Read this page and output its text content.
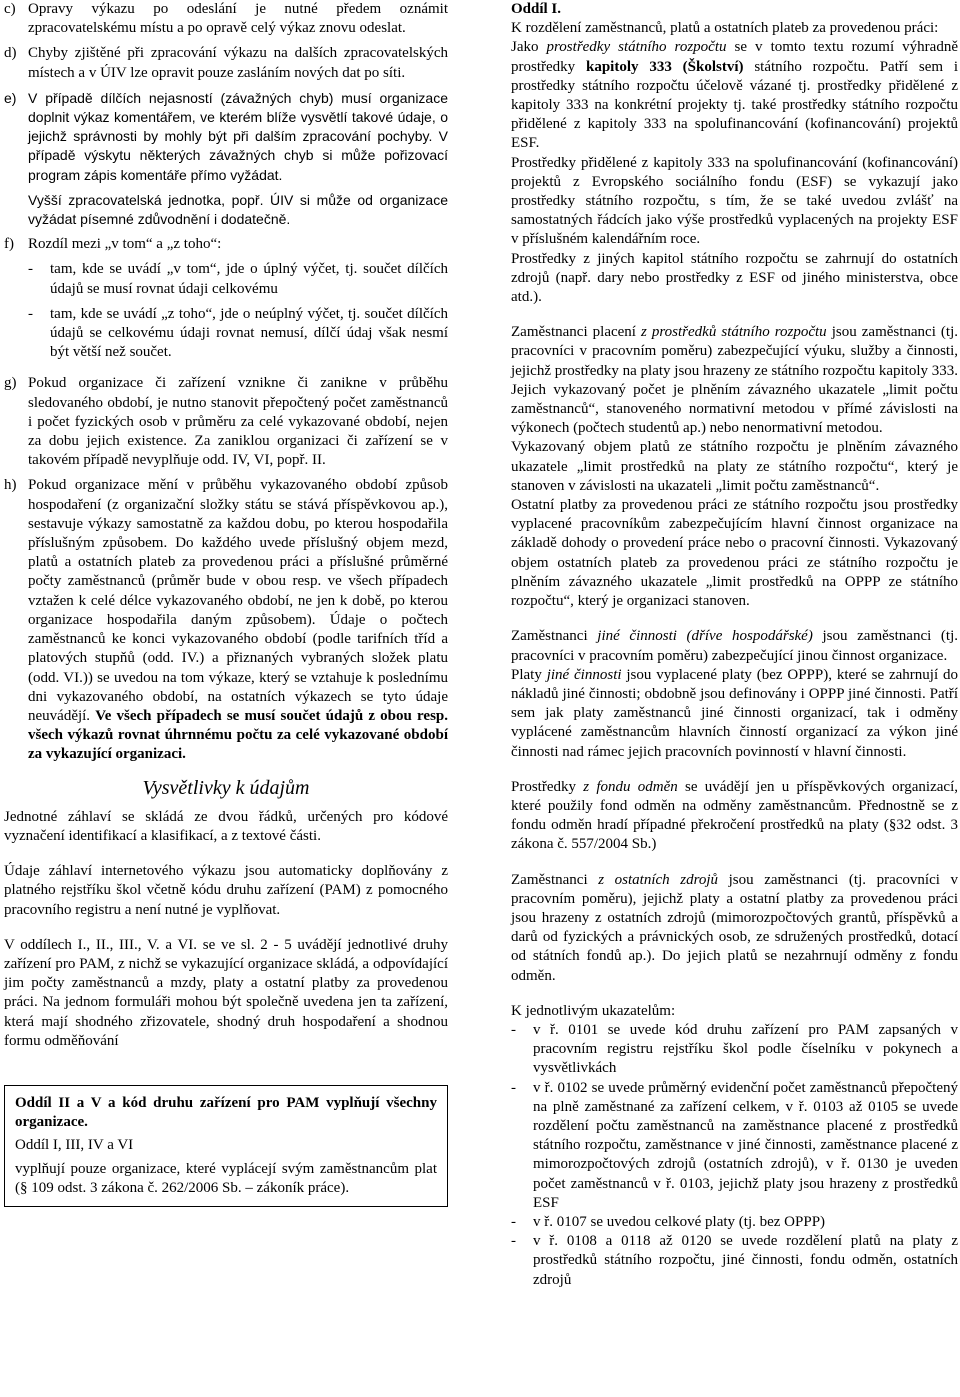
c) Opravy výkazu po odeslání je nutné předem oznámit zpracovatelskému místu a po opravě celý výkaz znovu odeslat.
d) Chyby zjištěné při zpracování výkazu na dalších zpracovatelských místech a v ÚIV lze opravit pouze zasláním nových dat po síti.
e) V případě dílčích nejasností (závažných chyb) musí organizace doplnit výkaz komentářem, ve kterém blíže vysvětlí takové údaje, o jejichž správnosti by mohly být při dalším zpracování pochyby. V případě výskytu některých závažných chyb si může pořizovací program zápis komentáře přímo vyžádat.
Vyšší zpracovatelská jednotka, popř. ÚIV si může od organizace vyžádat písemné zdůvodnění i dodatečně.
f) Rozdíl mezi „v tom“ a „z toho“:
-	tam, kde se uvádí „v tom“, jde o úplný výčet, tj. součet dílčích údajů se musí rovnat údaji celkovému
-	tam, kde se uvádí „z toho“, jde o neúplný výčet, tj. součet dílčích údajů se celkovému údaji rovnat nemusí, dílčí údaj však nesmí být větší než součet.
g) Pokud organizace či zařízení vznikne či zanikne v průběhu sledovaného období, je nutno stanovit přepočtený počet zaměstnanců i počet fyzických osob v průměru za celé vykazované období, nejen za dobu jejich existence. Za zaniklou organizaci či zařízení se v takovém případě nevyplňuje odd. IV, VI, popř. II.
h) Pokud organizace mění v průběhu vykazovaného období způsob hospodaření (z organizační složky státu se stává příspěvkovou ap.), sestavuje výkazy samostatně za každou dobu, po kterou hospodařila příslušným způsobem. Do každého uvede příslušný objem mezd, platů a ostatních plateb za provedenou práci a příslušné průměrné počty zaměstnanců (průměr bude v obou resp. ve všech případech vztažen k celé délce vykazovaného období, ne jen k době, po kterou organizace hospodařila daným způsobem). Údaje o počtech zaměstnanců ke konci vykazovaného období (podle tarifních tříd a platových stupňů (odd. IV.) a přiznaných vybraných složek platu (odd. VI.)) se uvedou na tom výkaze, který se vztahuje k poslednímu dni vykazovaného období, na ostatních výkazech se tyto údaje neuvádějí. Ve všech případech se musí součet údajů z obou resp. všech výkazů rovnat úhrnnému počtu za celé vykazované období za vykazující organizaci.
Vysvětlivky k údajům

Jednotné záhlaví se skládá ze dvou řádků, určených pro kódové vyznačení identifikací a klasifikací, a z textové části.

Údaje záhlaví internetového výkazu jsou automaticky doplňovány z platného rejstříku škol včetně kódu druhu zařízení (PAM) z pomocného pracovního registru a není nutné je vyplňovat.

V oddílech I., II., III., V. a VI. se ve sl. 2 - 5 uvádějí jednotlivé druhy zařízení pro PAM, z nichž se vykazující organizace skládá, a odpovídající jim počty zaměstnanců a mzdy, platy a ostatní platby za provedenou práci. Na jednom formuláři mohou být společně uvedena jen ta zařízení, která mají shodného zřizovatele, shodný druh hospodaření a shodnou formu odměňování

Oddíl II a V a kód druhu zařízení pro PAM vyplňují všechny organizace.

Oddíl I, III, IV a VI

vyplňují pouze organizace, které vyplácejí svým zaměstnancům plat (§ 109 odst. 3 zákona č. 262/2006 Sb. – zákoník práce).

Oddíl I.

K rozdělení zaměstnanců, platů a ostatních plateb za provedenou práci:

Jako prostředky státního rozpočtu se v tomto textu rozumí výhradně prostředky kapitoly 333 (Školství) státního rozpočtu. Patří sem i prostředky státního rozpočtu účelově vázané tj. prostředky přidělené z kapitoly 333 na konkrétní projekty tj. také prostředky státního rozpočtu přidělené z kapitoly 333 na spolufinancování (kofinancování) projektů ESF.

Prostředky přidělené z kapitoly 333 na spolufinancování (kofinancování) projektů z Evropského sociálního fondu (ESF) se vykazují jako prostředky státního rozpočtu, s tím, že se také uvedou zvlášť na samostatných řádcích jako výše prostředků vyplacených na projekty ESF v příslušném kalendářním roce.

Prostředky z jiných kapitol státního rozpočtu se zahrnují do ostatních zdrojů (např. dary nebo prostředky z ESF od jiného ministerstva, obce atd.).

Zaměstnanci placení z prostředků státního rozpočtu jsou zaměstnanci (tj. pracovníci v pracovním poměru) zabezpečující výuku, služby a činnosti, jejichž prostředky na platy jsou hrazeny ze státního rozpočtu kapitoly 333. Jejich vykazovaný počet je plněním závazného ukazatele „limit počtu zaměstnanců“, stanoveného normativní metodou v přímé závislosti na výkonech (počtech studentů ap.) nebo nenormativní metodou.

Vykazovaný objem platů ze státního rozpočtu je plněním závazného ukazatele „limit prostředků na platy ze státního rozpočtu“, který je stanoven v závislosti na ukazateli „limit počtu zaměstnanců“.

Ostatní platby za provedenou práci ze státního rozpočtu jsou prostředky vyplacené pracovníkům zabezpečujícím hlavní činnost organizace na základě dohody o provedení práce nebo o pracovní činnosti. Vykazovaný objem ostatních plateb za provedenou práci ze státního rozpočtu je plněním závazného ukazatele „limit prostředků na OPPP ze státního rozpočtu“, který je organizaci stanoven.

Zaměstnanci jiné činnosti (dříve hospodářské) jsou zaměstnanci (tj. pracovníci v pracovním poměru) zabezpečující jinou činnost organizace.

Platy jiné činnosti jsou vyplacené platy (bez OPPP), které se zahrnují do nákladů jiné činnosti; obdobně jsou definovány i OPPP jiné činnosti. Patří sem jak platy zaměstnanců jiné činnosti organizací, tak i odměny vyplácené zaměstnancům hlavních činností organizací za výkon jiné činnosti nad rámec jejich pracovních povinností v hlavní činnosti.

Prostředky z fondu odměn se uvádějí jen u příspěvkových organizací, které použily fond odměn na odměny zaměstnancům. Přednostně se z fondu odměn hradí případné překročení prostředků na platy (§32 odst. 3 zákona č. 557/2004 Sb.)

Zaměstnanci z ostatních zdrojů jsou zaměstnanci (tj. pracovníci v pracovním poměru), jejichž platy a ostatní platby za provedenou práci jsou hrazeny z ostatních zdrojů (mimorozpočtových grantů, příspěvků a darů od fyzických a právnických osob, ze sdružených prostředků, dotací od státních fondů ap.). Do jejich platů se nezahrnují odměny z fondu odměn.

K jednotlivým ukazatelům:

-	v ř. 0101 se uvede kód druhu zařízení pro PAM zapsaných v pracovním registru rejstříku škol podle číselníku v pokynech a vysvětlivkách
-	v ř. 0102 se uvede průměrný evidenční počet zaměstnanců přepočtený na plně zaměstnané za zařízení celkem, v ř. 0103 až 0105 se uvede rozdělení počtu zaměstnanců na zaměstnance placené z prostředků státního rozpočtu, zaměstnance v jiné činnosti, zaměstnance placené z mimorozpočtových zdrojů (ostatních zdrojů), v ř. 0130 je uveden počet zaměstnanců v ř. 0103, jejichž platy jsou hrazeny z prostředků ESF
-	v ř. 0107 se uvedou celkové platy (tj. bez OPPP)
-	v ř. 0108 a 0118 až 0120 se uvede rozdělení platů na platy z prostředků státního rozpočtu, jiné činnosti, fondu odměn, ostatních zdrojů
